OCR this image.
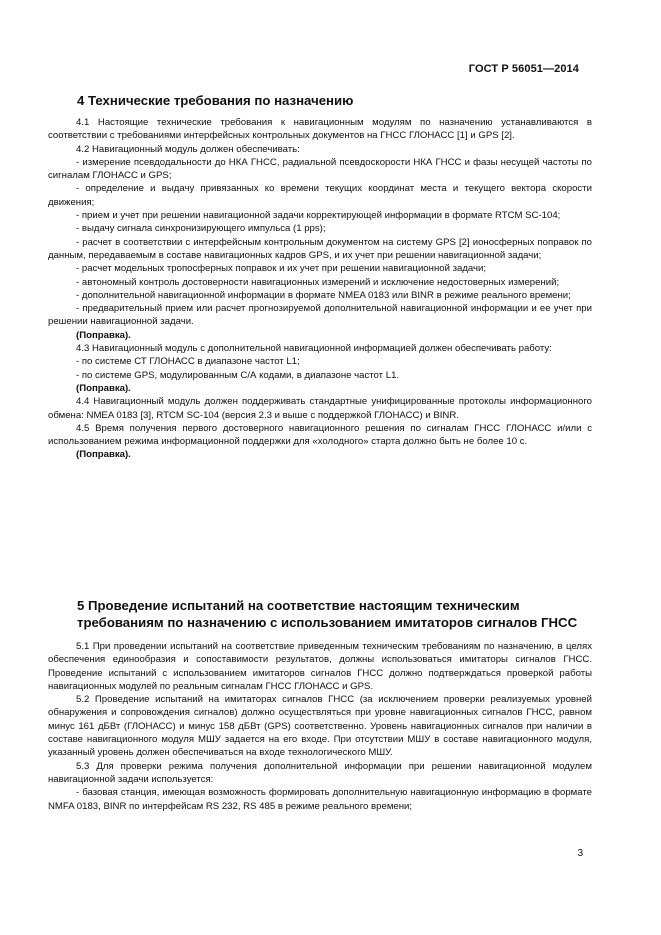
ГОСТ Р 56051—2014
4 Технические требования по назначению

4.1 Настоящие технические требования к навигационным модулям по назначению устанавливаются в соответствии с требованиями интерфейсных контрольных документов на ГНСС ГЛОНАСС [1] и GPS [2].

4.2 Навигационный модуль должен обеспечивать:

- измерение псевдодальности до НКА ГНСС, радиальной псевдоскорости НКА ГНСС и фазы несущей частоты по сигналам ГЛОНАСС и GPS;

- определение и выдачу привязанных ко времени текущих координат места и текущего вектора скорости движения;

- прием и учет при решении навигационной задачи корректирующей информации в формате RTCM SC-104;

- выдачу сигнала синхронизирующего импульса (1 pps);

- расчет в соответствии с интерфейсным контрольным документом на систему GPS [2] ионосферных поправок по данным, передаваемым в составе навигационных кадров GPS, и их учет при решении навигационной задачи;

- расчет модельных тропосферных поправок и их учет при решении навигационной задачи;

- автономный контроль достоверности навигационных измерений и исключение недостоверных измерений;

- дополнительной навигационной информации в формате NMEA 0183 или BINR в режиме реального времени;

- предварительный прием или расчет прогнозируемой дополнительной навигационной информации и ее учет при решении навигационной задачи.

(Поправка).

4.3 Навигационный модуль с дополнительной навигационной информацией должен обеспечивать работу:

- по системе СТ ГЛОНАСС в диапазоне частот L1;

- по системе GPS, модулированным С/А кодами, в диапазоне частот L1.

(Поправка).

4.4 Навигационный модуль должен поддерживать стандартные унифицированные протоколы информационного обмена: NMEA 0183 [3], RTCM SC-104 (версия 2.3 и выше с поддержкой ГЛОНАСС) и BINR.

4.5 Время получения первого достоверного навигационного решения по сигналам ГНСС ГЛОНАСС и/или с использованием режима информационной поддержки для «холодного» старта должно быть не более 10 с.

(Поправка).

5 Проведение испытаний на соответствие настоящим техническим требованиям по назначению с использованием имитаторов сигналов ГНСС

5.1 При проведении испытаний на соответствие приведенным техническим требованиям по назначению, в целях обеспечения единообразия и сопоставимости результатов, должны использоваться имитаторы сигналов ГНСС. Проведение испытаний с использованием имитаторов сигналов ГНСС должно подтверждаться проверкой работы навигационных модулей по реальным сигналам ГНСС ГЛОНАСС и GPS.

5.2 Проведение испытаний на имитаторах сигналов ГНСС (за исключением проверки реализуемых уровней обнаружения и сопровождения сигналов) должно осуществляться при уровне навигационных сигналов ГНСС, равном минус 161 дБВт (ГЛОНАСС) и минус 158 дБВт (GPS) соответственно. Уровень навигационных сигналов при наличии в составе навигационного модуля МШУ задается на его входе. При отсутствии МШУ в составе навигационного модуля, указанный уровень должен обеспечиваться на входе технологического МШУ.

5.3 Для проверки режима получения дополнительной информации при решении навигационной модулем навигационной задачи используется:

- базовая станция, имеющая возможность формировать дополнительную навигационную информацию в формате NMFA 0183, BINR по интерфейсам RS 232, RS 485 в режиме реального времени;

3
